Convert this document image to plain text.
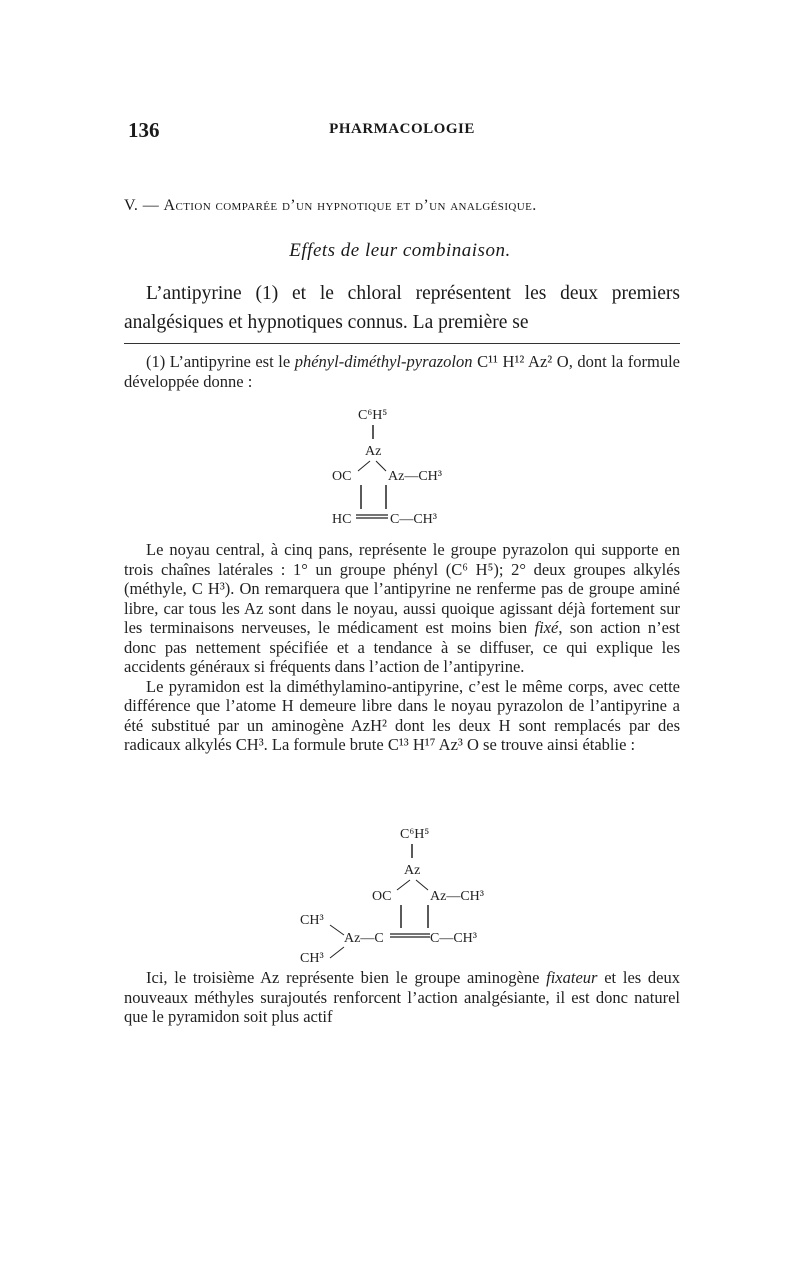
136	PHARMACOLOGIE
V. — Action comparée d’un hypnotique et d’un analgésique.
Effets de leur combinaison.
L’antipyrine (1) et le chloral représentent les deux premiers analgésiques et hypnotiques connus. La première se
(1) L’antipyrine est le phényl-diméthyl-pyrazolon C¹¹ H¹² Az² O, dont la formule développée donne :
C⁶H⁵
Az
OC	Az—CH³
HC	C—CH³
Le noyau central, à cinq pans, représente le groupe pyrazolon qui supporte en trois chaînes latérales : 1° un groupe phényl (C⁶ H⁵); 2° deux groupes alkylés (méthyle, C H³). On remarquera que l’antipyrine ne renferme pas de groupe aminé libre, car tous les Az sont dans le noyau, aussi quoique agissant déjà fortement sur les terminaisons nerveuses, le médicament est moins bien fixé, son action n’est donc pas nettement spécifiée et a tendance à se diffuser, ce qui explique les accidents généraux si fréquents dans l’action de l’antipyrine.
Le pyramidon est la diméthylamino-antipyrine, c’est le même corps, avec cette différence que l’atome H demeure libre dans le noyau pyrazolon de l’antipyrine a été substitué par un aminogène AzH² dont les deux H sont remplacés par des radicaux alkylés CH³. La formule brute C¹³ H¹⁷ Az³ O se trouve ainsi établie :
C⁶H⁵
Az
OC	Az—CH³
CH³
Az—C	C—CH³
CH³
Ici, le troisième Az représente bien le groupe aminogène fixateur et les deux nouveaux méthyles surajoutés renforcent l’action analgésiante, il est donc naturel que le pyramidon soit plus actif
